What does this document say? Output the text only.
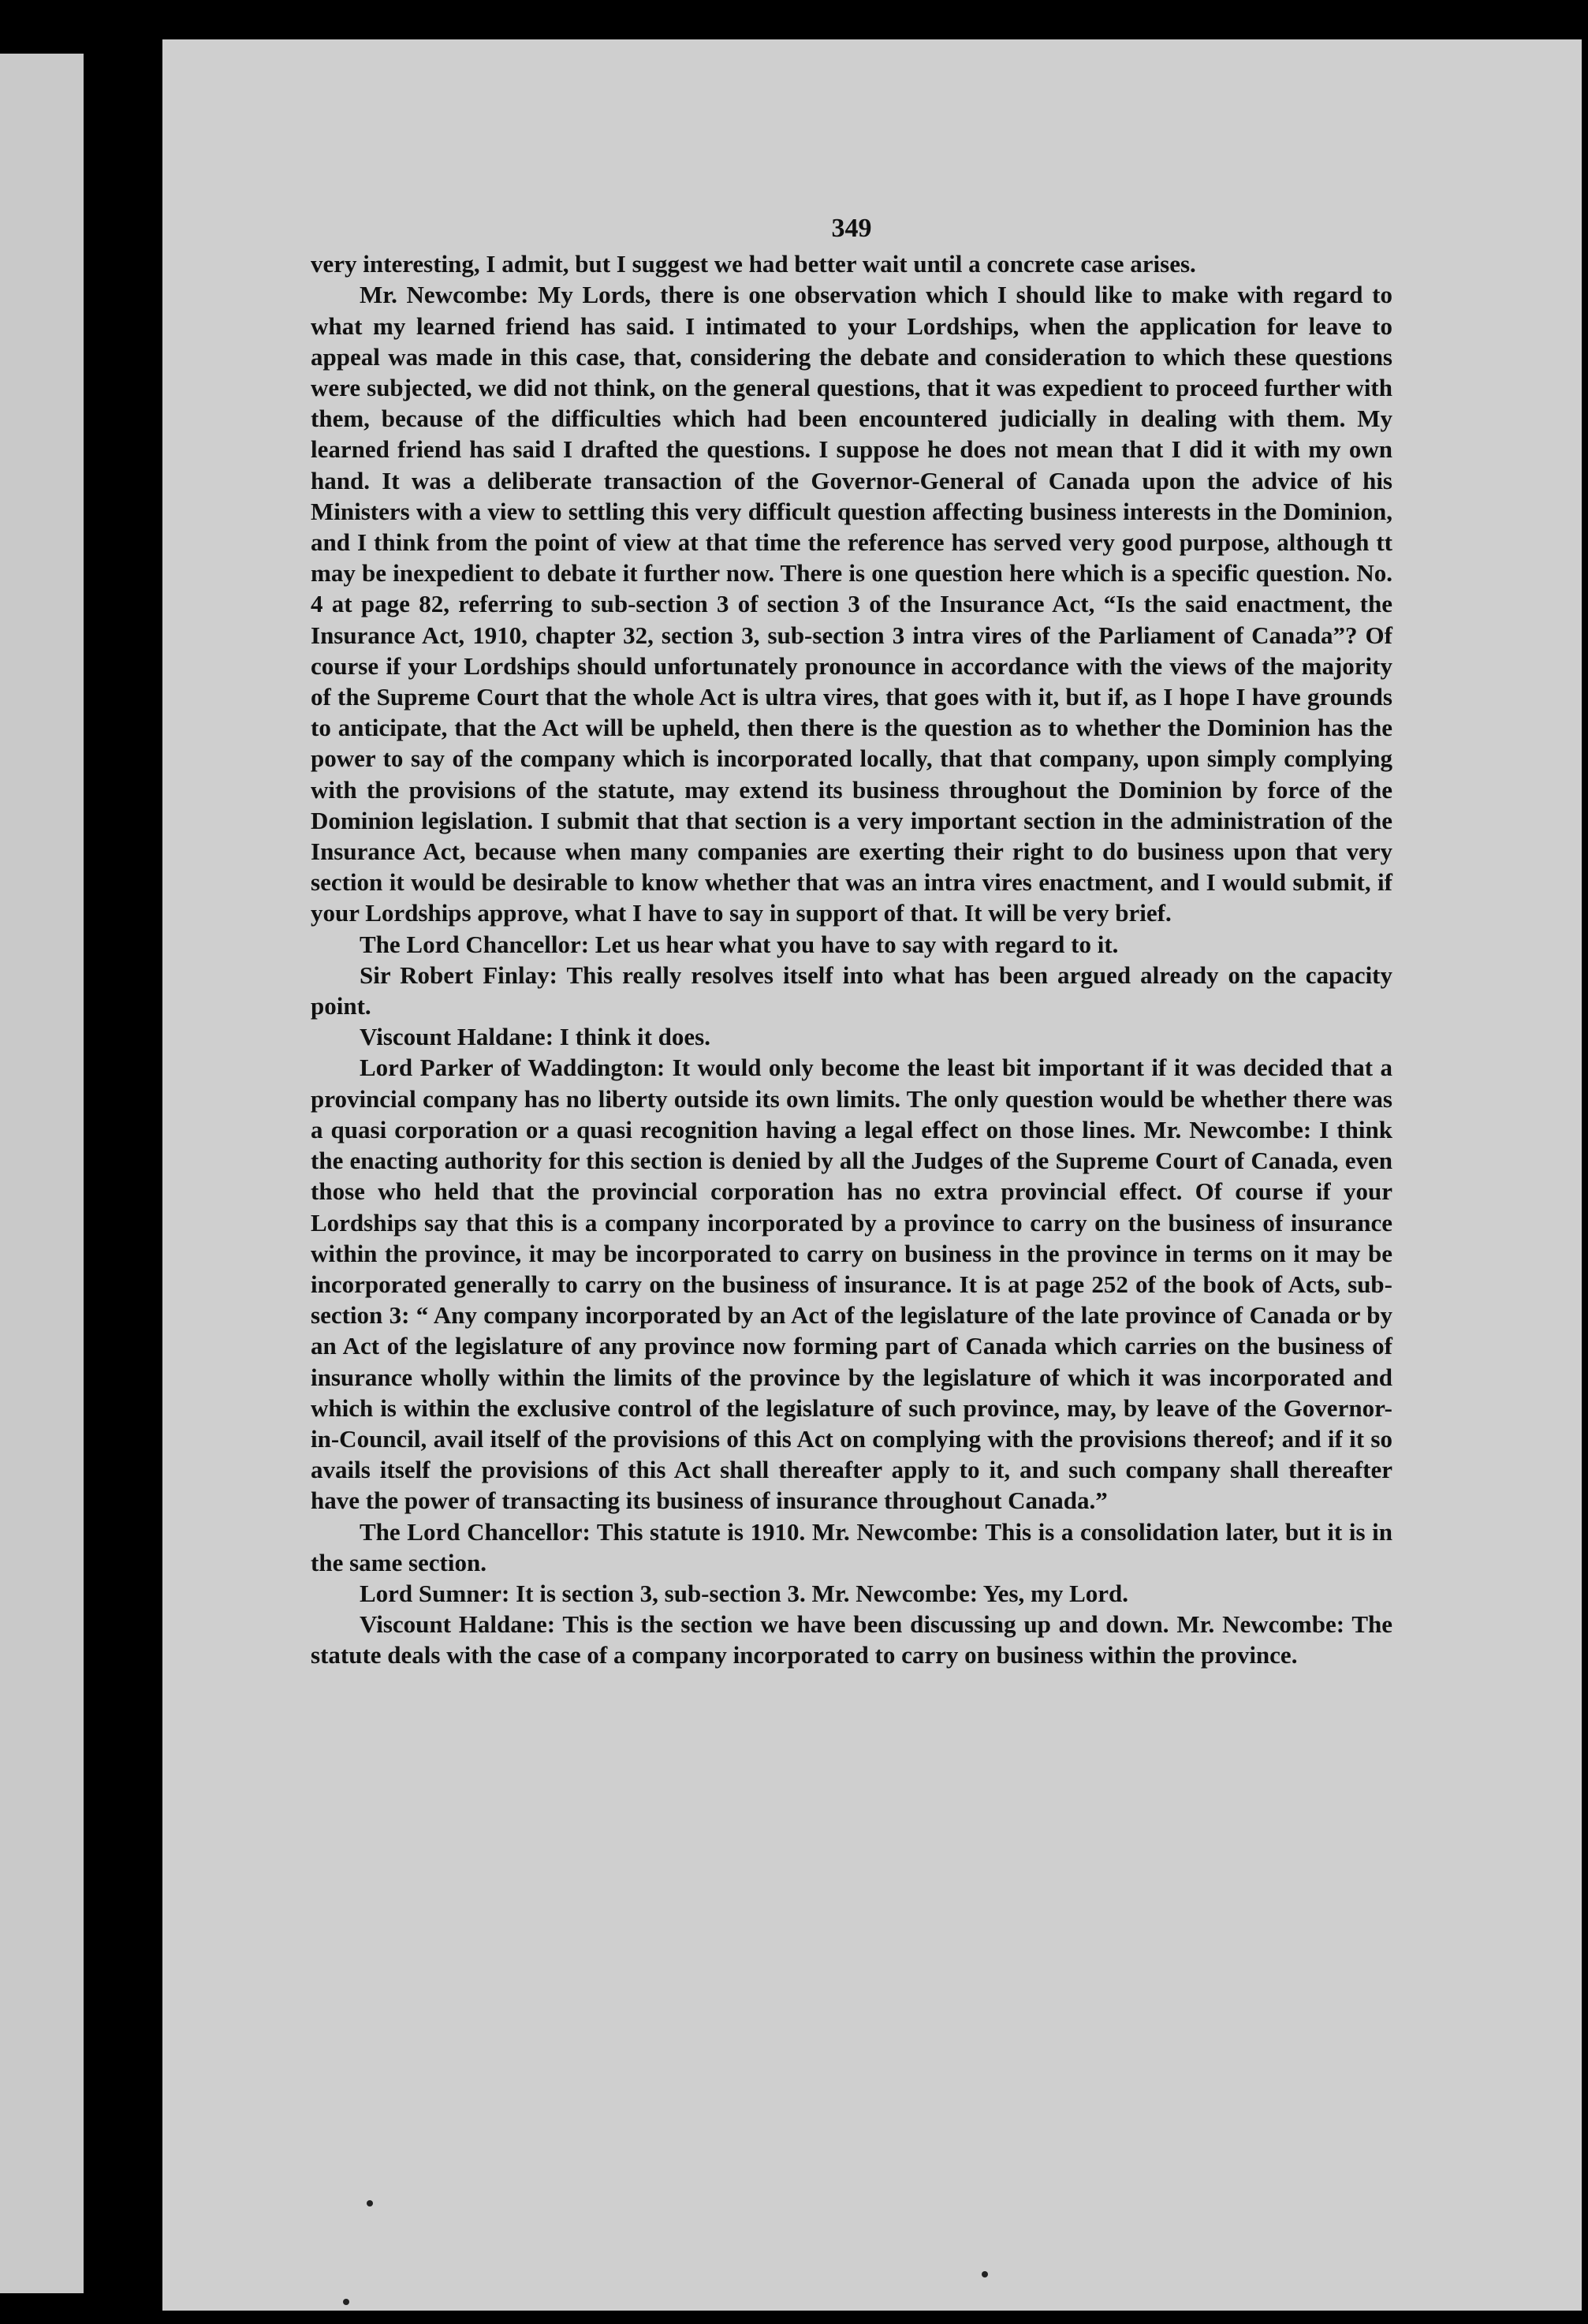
349

very interesting, I admit, but I suggest we had better wait until a concrete case arises.

Mr. Newcombe: My Lords, there is one observation which I should like to make with regard to what my learned friend has said. I intimated to your Lordships, when the application for leave to appeal was made in this case, that, considering the debate and consideration to which these questions were subjected, we did not think, on the general questions, that it was expedient to proceed further with them, because of the difficulties which had been encountered judicially in dealing with them. My learned friend has said I drafted the questions. I suppose he does not mean that I did it with my own hand. It was a deliberate transaction of the Governor-General of Canada upon the advice of his Ministers with a view to settling this very difficult question affecting business interests in the Dominion, and I think from the point of view at that time the reference has served very good purpose, although tt may be inexpedient to debate it further now. There is one question here which is a specific question. No. 4 at page 82, referring to sub-section 3 of section 3 of the Insurance Act, “Is the said enactment, the Insurance Act, 1910, chapter 32, section 3, sub-section 3 intra vires of the Parliament of Canada”? Of course if your Lordships should unfortunately pronounce in accordance with the views of the majority of the Supreme Court that the whole Act is ultra vires, that goes with it, but if, as I hope I have grounds to anticipate, that the Act will be upheld, then there is the question as to whether the Dominion has the power to say of the company which is incorporated locally, that that company, upon simply complying with the provisions of the statute, may extend its business throughout the Dominion by force of the Dominion legislation. I submit that that section is a very important section in the administration of the Insurance Act, because when many companies are exerting their right to do business upon that very section it would be desirable to know whether that was an intra vires enactment, and I would submit, if your Lordships approve, what I have to say in support of that. It will be very brief.

The Lord Chancellor: Let us hear what you have to say with regard to it.

Sir Robert Finlay: This really resolves itself into what has been argued already on the capacity point.

Viscount Haldane: I think it does.

Lord Parker of Waddington: It would only become the least bit important if it was decided that a provincial company has no liberty outside its own limits. The only question would be whether there was a quasi corporation or a quasi recognition having a legal effect on those lines. Mr. Newcombe: I think the enacting authority for this section is denied by all the Judges of the Supreme Court of Canada, even those who held that the provincial corporation has no extra provincial effect. Of course if your Lordships say that this is a company incorporated by a province to carry on the business of insurance within the province, it may be incorporated to carry on business in the province in terms on it may be incorporated generally to carry on the business of insurance. It is at page 252 of the book of Acts, sub-section 3: “ Any company incorporated by an Act of the legislature of the late province of Canada or by an Act of the legislature of any province now forming part of Canada which carries on the business of insurance wholly within the limits of the province by the legislature of which it was incorporated and which is within the exclusive control of the legislature of such province, may, by leave of the Governor-in-Council, avail itself of the provisions of this Act on complying with the provisions thereof; and if it so avails itself the provisions of this Act shall thereafter apply to it, and such company shall thereafter have the power of transacting its business of insurance throughout Canada.”

The Lord Chancellor: This statute is 1910. Mr. Newcombe: This is a consolidation later, but it is in the same section.

Lord Sumner: It is section 3, sub-section 3. Mr. Newcombe: Yes, my Lord.

Viscount Haldane: This is the section we have been discussing up and down. Mr. Newcombe: The statute deals with the case of a company incorporated to carry on business within the province.
